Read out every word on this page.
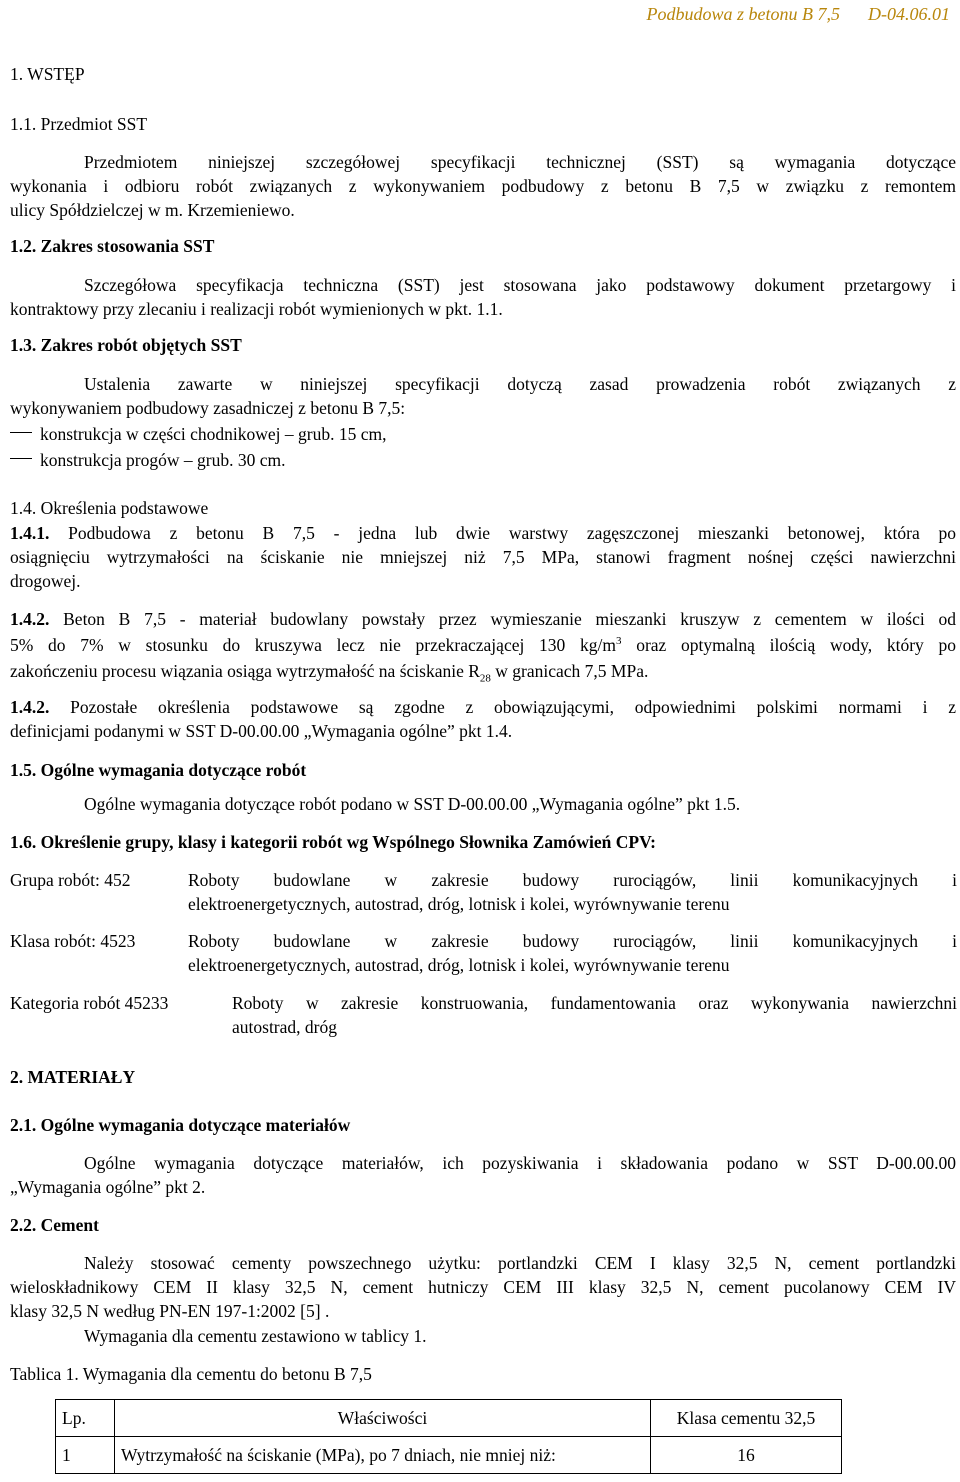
Podbudowa z betonu B 7,5 D-04.06.01
1. WSTĘP
1.1. Przedmiot SST
Przedmiotem niniejszej szczegółowej specyfikacji technicznej (SST) są wymagania dotyczące
wykonania i odbioru robót związanych z wykonywaniem podbudowy z betonu B 7,5 w związku z remontem
ulicy Spółdzielczej w m. Krzemieniewo.
1.2. Zakres stosowania SST
Szczegółowa specyfikacja techniczna (SST) jest stosowana jako podstawowy dokument przetargowy i
kontraktowy przy zlecaniu i realizacji robót wymienionych w pkt. 1.1.
1.3. Zakres robót objętych SST
Ustalenia zawarte w niniejszej specyfikacji dotyczą zasad prowadzenia robót związanych z
wykonywaniem podbudowy zasadniczej z betonu B 7,5:
konstrukcja w części chodnikowej – grub. 15 cm,
konstrukcja progów – grub. 30 cm.
1.4. Określenia podstawowe
1.4.1. Podbudowa z betonu B 7,5 - jedna lub dwie warstwy zagęszczonej mieszanki betonowej, która po
osiągnięciu wytrzymałości na ściskanie nie mniejszej niż 7,5 MPa, stanowi fragment nośnej części nawierzchni
drogowej.
1.4.2. Beton B 7,5 - materiał budowlany powstały przez wymieszanie mieszanki kruszyw z cementem w ilości od
5% do 7% w stosunku do kruszywa lecz nie przekraczającej 130 $kg/m^3$ oraz optymalną ilością wody, który po
zakończeniu procesu wiązania osiąga wytrzymałość na ściskanie $R_{28}$ w granicach 7,5 MPa.
1.4.2. Pozostałe określenia podstawowe są zgodne z obowiązującymi, odpowiednimi polskimi normami i z
definicjami podanymi w SST D-00.00.00 „Wymagania ogólne” pkt 1.4.
1.5. Ogólne wymagania dotyczące robót
Ogólne wymagania dotyczące robót podano w SST D-00.00.00 „Wymagania ogólne” pkt 1.5.
1.6. Określenie grupy, klasy i kategorii robót wg Wspólnego Słownika Zamówień CPV:
Grupa robót: 452	Roboty budowlane w zakresie budowy rurociągów, linii komunikacyjnych i
elektroenergetycznych, autostrad, dróg, lotnisk i kolei, wyrównywanie terenu
Klasa robót: 4523	Roboty budowlane w zakresie budowy rurociągów, linii komunikacyjnych i
elektroenergetycznych, autostrad, dróg, lotnisk i kolei, wyrównywanie terenu
Kategoria robót 45233	Roboty w zakresie konstruowania, fundamentowania oraz wykonywania nawierzchni
autostrad, dróg
2. MATERIAŁY
2.1. Ogólne wymagania dotyczące materiałów
Ogólne wymagania dotyczące materiałów, ich pozyskiwania i składowania podano w SST D-00.00.00
„Wymagania ogólne” pkt 2.
2.2. Cement
Należy stosować cementy powszechnego użytku: portlandzki CEM I klasy 32,5 N, cement portlandzki
wieloskładnikowy CEM II klasy 32,5 N, cement hutniczy CEM III klasy 32,5 N, cement pucolanowy CEM IV
klasy 32,5 N według PN-EN 197-1:2002 [5] .
Wymagania dla cementu zestawiono w tablicy 1.
Tablica 1. Wymagania dla cementu do betonu B 7,5
Lp.	Właściwości	Klasa cementu 32,5
1	Wytrzymałość na ściskanie (MPa), po 7 dniach, nie mniej niż:	16
